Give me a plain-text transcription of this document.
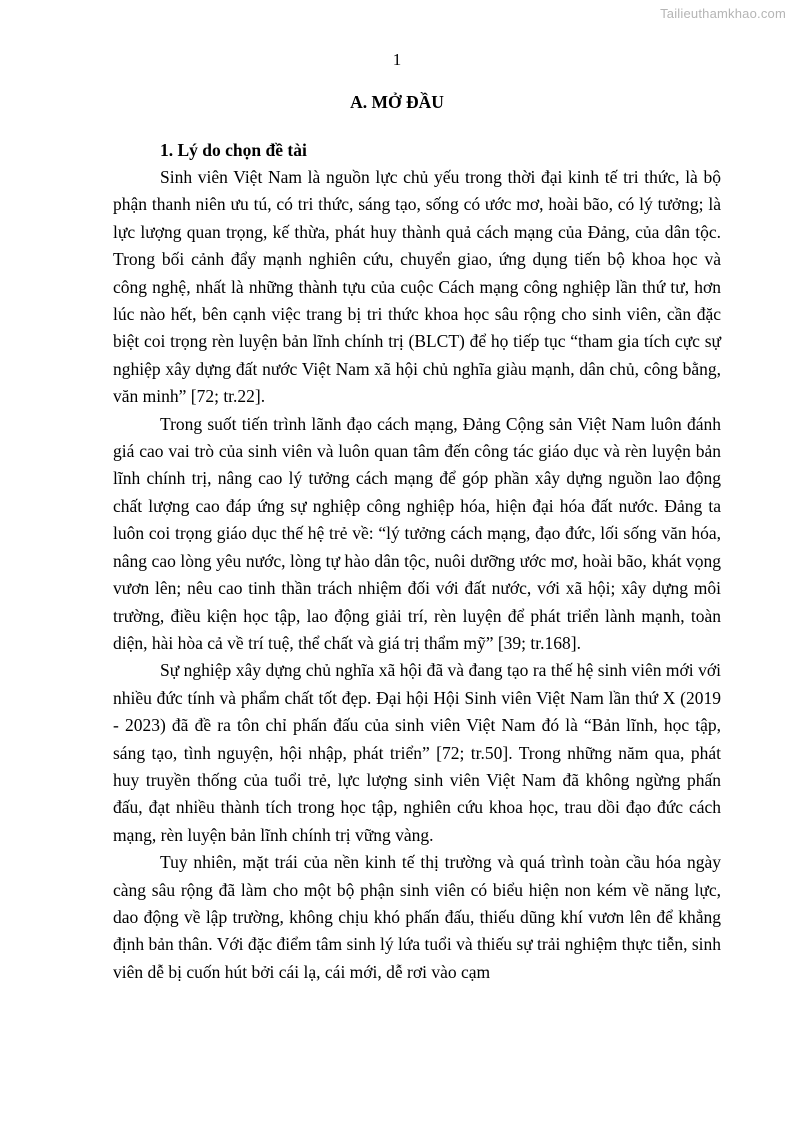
Tailieuthamkhao.com
1
A. MỞ ĐẦU
1. Lý do chọn đề tài

Sinh viên Việt Nam là nguồn lực chủ yếu trong thời đại kinh tế tri thức, là bộ phận thanh niên ưu tú, có tri thức, sáng tạo, sống có ước mơ, hoài bão, có lý tưởng; là lực lượng quan trọng, kế thừa, phát huy thành quả cách mạng của Đảng, của dân tộc. Trong bối cảnh đẩy mạnh nghiên cứu, chuyển giao, ứng dụng tiến bộ khoa học và công nghệ, nhất là những thành tựu của cuộc Cách mạng công nghiệp lần thứ tư, hơn lúc nào hết, bên cạnh việc trang bị tri thức khoa học sâu rộng cho sinh viên, cần đặc biệt coi trọng rèn luyện bản lĩnh chính trị (BLCT) để họ tiếp tục “tham gia tích cực sự nghiệp xây dựng đất nước Việt Nam xã hội chủ nghĩa giàu mạnh, dân chủ, công bằng, văn minh” [72; tr.22].

Trong suốt tiến trình lãnh đạo cách mạng, Đảng Cộng sản Việt Nam luôn đánh giá cao vai trò của sinh viên và luôn quan tâm đến công tác giáo dục và rèn luyện bản lĩnh chính trị, nâng cao lý tưởng cách mạng để góp phần xây dựng nguồn lao động chất lượng cao đáp ứng sự nghiệp công nghiệp hóa, hiện đại hóa đất nước. Đảng ta luôn coi trọng giáo dục thế hệ trẻ về: “lý tưởng cách mạng, đạo đức, lối sống văn hóa, nâng cao lòng yêu nước, lòng tự hào dân tộc, nuôi dưỡng ước mơ, hoài bão, khát vọng vươn lên; nêu cao tinh thần trách nhiệm đối với đất nước, với xã hội; xây dựng môi trường, điều kiện học tập, lao động giải trí, rèn luyện để phát triển lành mạnh, toàn diện, hài hòa cả về trí tuệ, thể chất và giá trị thẩm mỹ” [39; tr.168].

Sự nghiệp xây dựng chủ nghĩa xã hội đã và đang tạo ra thế hệ sinh viên mới với nhiều đức tính và phẩm chất tốt đẹp. Đại hội Hội Sinh viên Việt Nam lần thứ X (2019 - 2023) đã đề ra tôn chỉ phấn đấu của sinh viên Việt Nam đó là “Bản lĩnh, học tập, sáng tạo, tình nguyện, hội nhập, phát triển” [72; tr.50]. Trong những năm qua, phát huy truyền thống của tuổi trẻ, lực lượng sinh viên Việt Nam đã không ngừng phấn đấu, đạt nhiều thành tích trong học tập, nghiên cứu khoa học, trau dồi đạo đức cách mạng, rèn luyện bản lĩnh chính trị vững vàng.

Tuy nhiên, mặt trái của nền kinh tế thị trường và quá trình toàn cầu hóa ngày càng sâu rộng đã làm cho một bộ phận sinh viên có biểu hiện non kém về năng lực, dao động về lập trường, không chịu khó phấn đấu, thiếu dũng khí vươn lên để khẳng định bản thân. Với đặc điểm tâm sinh lý lứa tuổi và thiếu sự trải nghiệm thực tiễn, sinh viên dễ bị cuốn hút bởi cái lạ, cái mới, dễ rơi vào cạm
